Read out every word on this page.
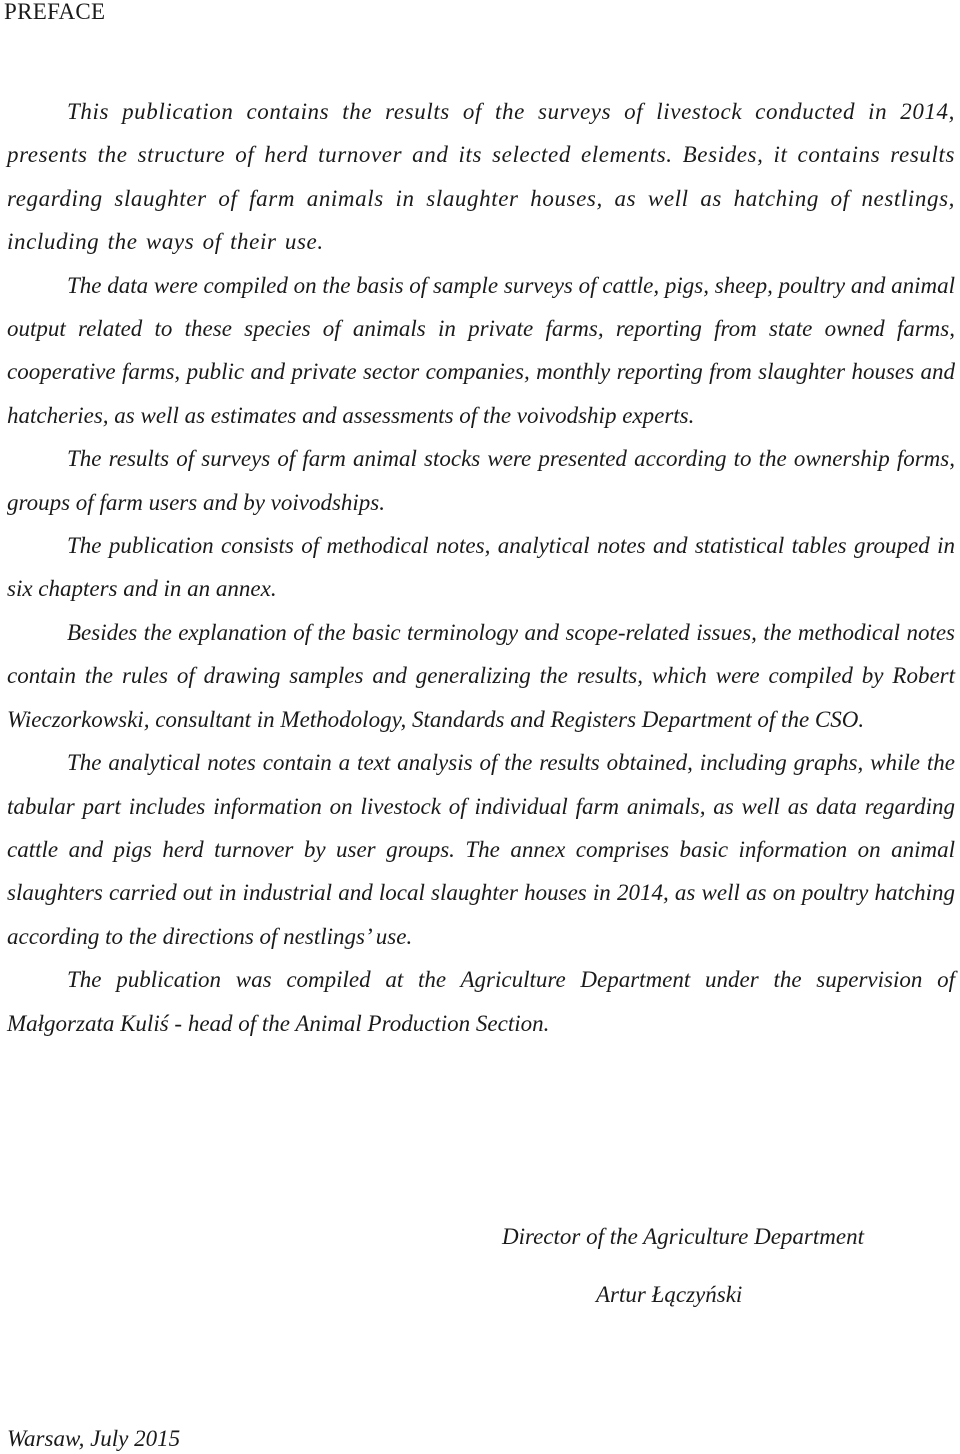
PREFACE

This publication contains the results of the surveys of livestock conducted in 2014, presents the structure of herd turnover and its selected elements. Besides, it contains results regarding slaughter of farm animals in slaughter houses, as well as hatching of nestlings, including the ways of their use.

The data were compiled on the basis of sample surveys of cattle, pigs, sheep, poultry and animal output related to these species of animals in private farms, reporting from state owned farms, cooperative farms, public and private sector companies, monthly reporting from slaughter houses and hatcheries, as well as estimates and assessments of the voivodship experts.

The results of surveys of farm animal stocks were presented according to the ownership forms, groups of farm users and by voivodships.

The publication consists of methodical notes, analytical notes and statistical tables grouped in six chapters and in an annex.

Besides the explanation of the basic terminology and scope-related issues, the methodical notes contain the rules of drawing samples and generalizing the results, which were compiled by Robert Wieczorkowski, consultant in Methodology, Standards and Registers Department of the CSO.

The analytical notes contain a text analysis of the results obtained, including graphs, while the tabular part includes information on livestock of individual farm animals, as well as data regarding cattle and pigs herd turnover by user groups. The annex comprises basic information on animal slaughters carried out in industrial and local slaughter houses in 2014, as well as on poultry hatching according to the directions of nestlings’ use.

The publication was compiled at the Agriculture Department under the supervision of Małgorzata Kuliś - head of the Animal Production Section.

Director of the Agriculture Department
Artur Łączyński
Warsaw, July 2015
